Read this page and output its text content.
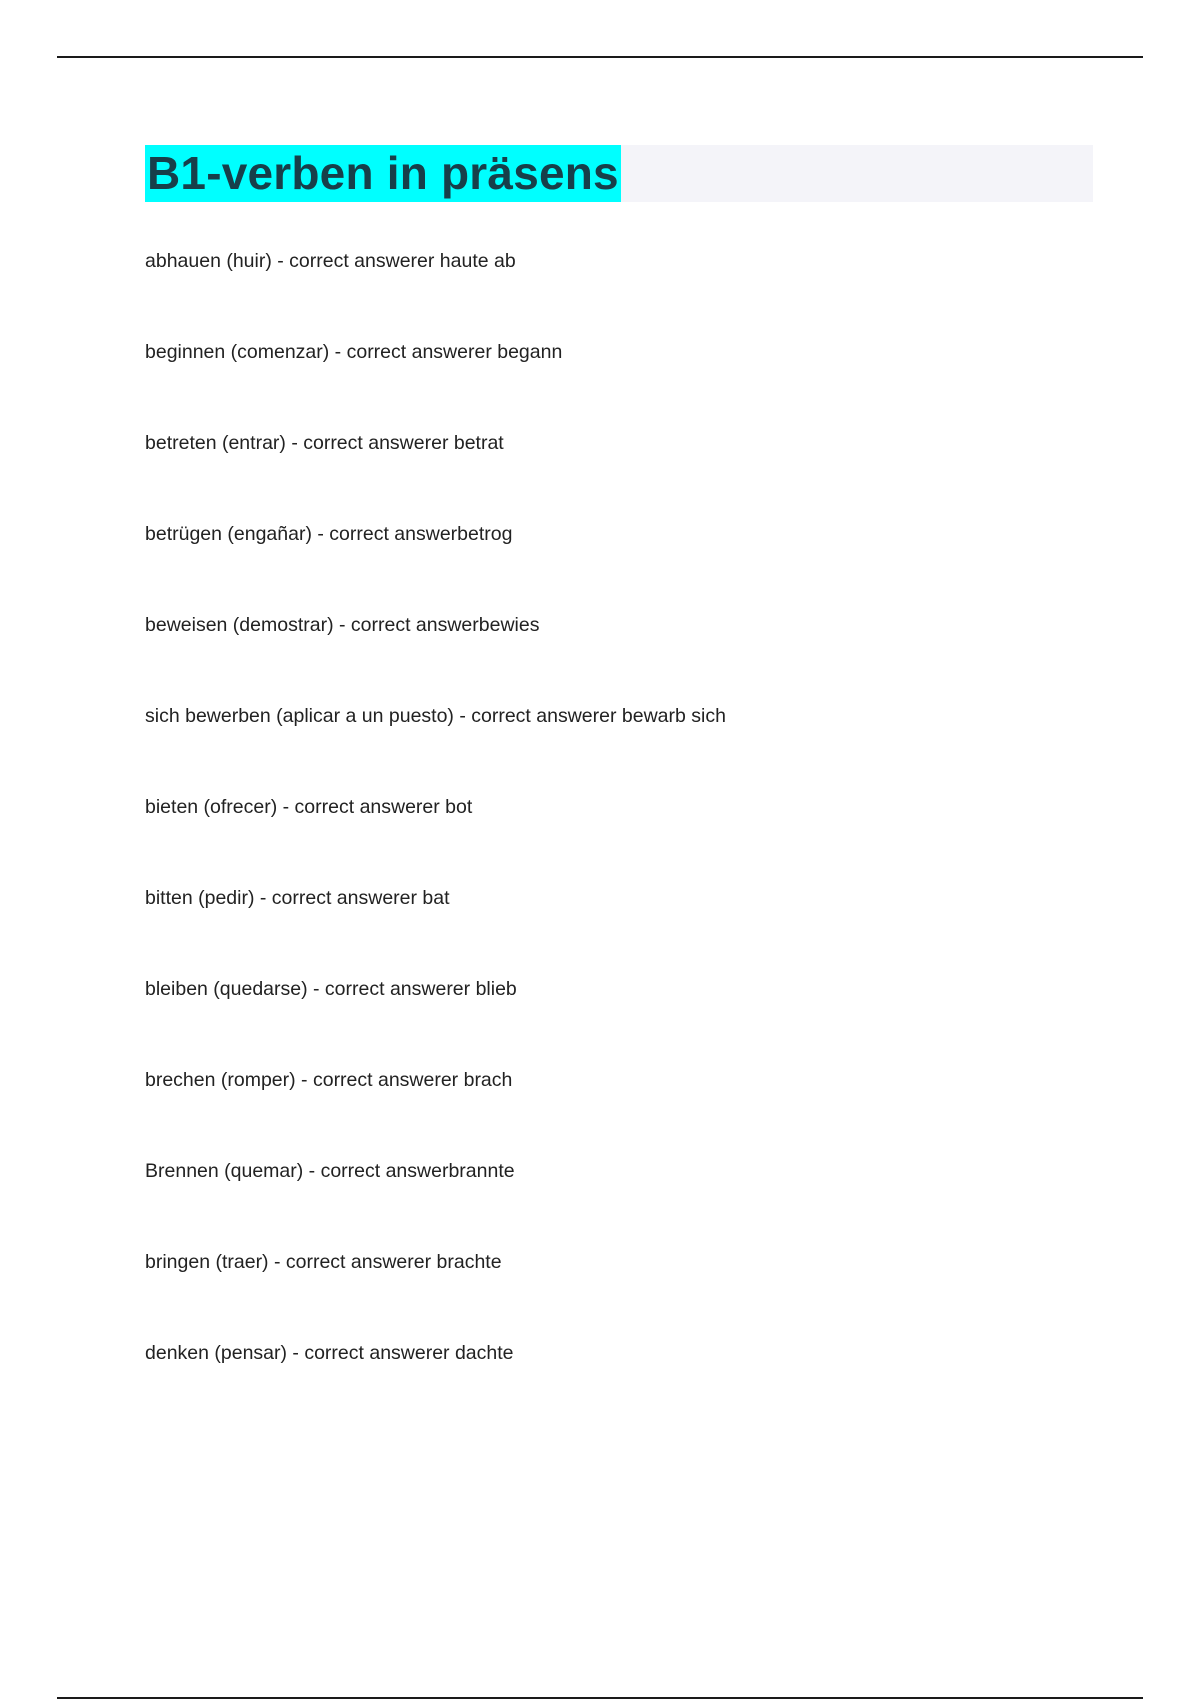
B1-verben in präsens
abhauen (huir) - correct answerer haute ab
beginnen (comenzar) - correct answerer begann
betreten (entrar) - correct answerer betrat
betrügen (engañar) - correct answerbetrog
beweisen (demostrar) - correct answerbewies
sich bewerben (aplicar a un puesto) - correct answerer bewarb sich
bieten (ofrecer) - correct answerer bot
bitten (pedir) - correct answerer bat
bleiben (quedarse) - correct answerer blieb
brechen (romper) - correct answerer brach
Brennen (quemar) - correct answerbrannte
bringen (traer) - correct answerer brachte
denken (pensar) - correct answerer dachte
